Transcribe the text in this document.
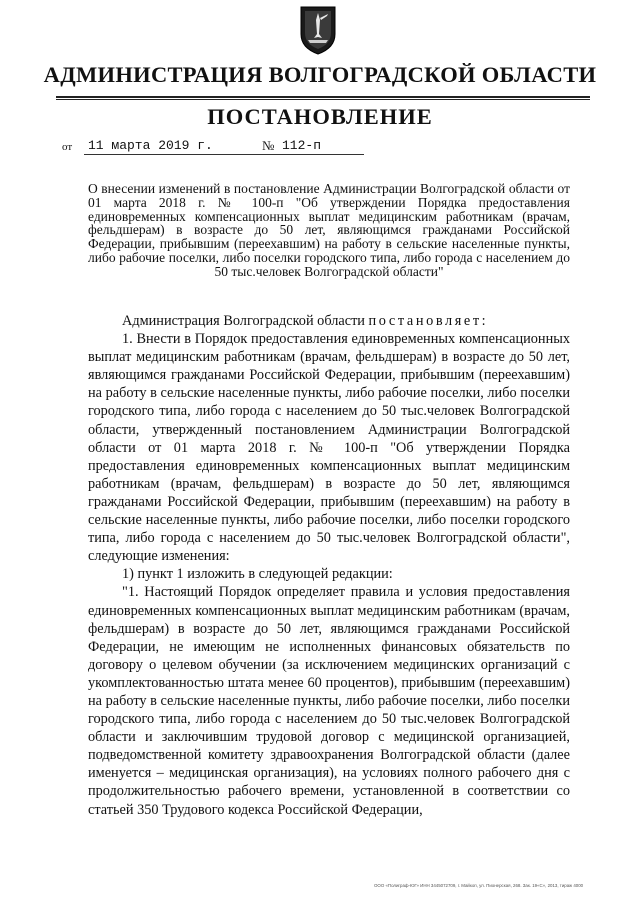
АДМИНИСТРАЦИЯ ВОЛГОГРАДСКОЙ ОБЛАСТИ
ПОСТАНОВЛЕНИЕ
от 11 марта 2019 г.	№ 112-п
О внесении изменений в постановление Администрации Волгоградской области от 01 марта 2018 г. № 100-п "Об утверждении Порядка предоставления единовременных компенсационных выплат медицинским работникам (врачам, фельдшерам) в возрасте до 50 лет, являющимся гражданами Российской Федерации, прибывшим (переехавшим) на работу в сельские населенные пункты, либо рабочие поселки, либо поселки городского типа, либо города с населением до 50 тыс.человек Волгоградской области"

Администрация Волгоградской области постановляет:

1. Внести в Порядок предоставления единовременных компенсационных выплат медицинским работникам (врачам, фельдшерам) в возрасте до 50 лет, являющимся гражданами Российской Федерации, прибывшим (переехавшим) на работу в сельские населенные пункты, либо рабочие поселки, либо поселки городского типа, либо города с населением до 50 тыс.человек Волгоградской области, утвержденный постановлением Администрации Волгоградской области от 01 марта 2018 г. № 100-п "Об утверждении Порядка предоставления единовременных компенсационных выплат медицинским работникам (врачам, фельдшерам) в возрасте до 50 лет, являющимся гражданами Российской Федерации, прибывшим (переехавшим) на работу в сельские населенные пункты, либо рабочие поселки, либо поселки городского типа, либо города с населением до 50 тыс.человек Волгоградской области", следующие изменения:

1) пункт 1 изложить в следующей редакции:

"1. Настоящий Порядок определяет правила и условия предоставления единовременных компенсационных выплат медицинским работникам (врачам, фельдшерам) в возрасте до 50 лет, являющимся гражданами Российской Федерации, не имеющим не исполненных финансовых обязательств по договору о целевом обучении (за исключением медицинских организаций с укомплектованностью штата менее 60 процентов), прибывшим (переехавшим) на работу в сельские населенные пункты, либо рабочие поселки, либо поселки городского типа, либо города с населением до 50 тыс.человек Волгоградской области и заключившим трудовой договор с медицинской организацией, подведомственной комитету здравоохранения Волгоградской области (далее именуется – медицинская организация), на условиях полного рабочего дня с продолжительностью рабочего времени, установленной в соответствии со статьей 350 Трудового кодекса Российской Федерации,

ООО «Полиграф-ЮГ» ИНН 3445072709, г. Майкоп, ул. Пионерская, 268. Зак. 19«С», 2013, тираж 4000
